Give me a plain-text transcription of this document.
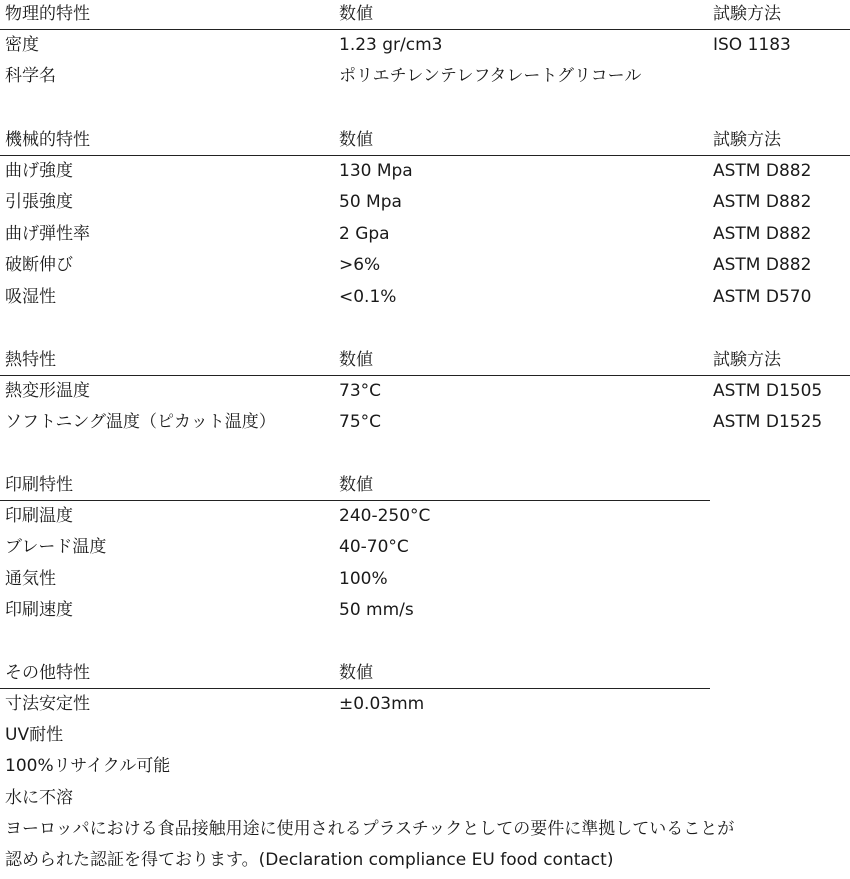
物理的特性	数値	試験方法
密度	1.23 gr/cm3	ISO 1183
科学名	ポリエチレンテレフタレートグリコール
機械的特性	数値	試験方法
曲げ強度	130 Mpa	ASTM D882
引張強度	50 Mpa	ASTM D882
曲げ弾性率	2 Gpa	ASTM D882
破断伸び	>6%	ASTM D882
吸湿性	<0.1%	ASTM D570
熱特性	数値	試験方法
熱変形温度	73°C	ASTM D1505
ソフトニング温度（ピカット温度）	75°C	ASTM D1525
印刷特性	数値
印刷温度	240-250°C
ブレード温度	40-70°C
通気性	100%
印刷速度	50 mm/s
その他特性	数値
寸法安定性	±0.03mm
UV耐性
100%リサイクル可能
水に不溶
ヨーロッパにおける食品接触用途に使用されるプラスチックとしての要件に準拠していることが
認められた認証を得ております。(Declaration compliance EU food contact)
